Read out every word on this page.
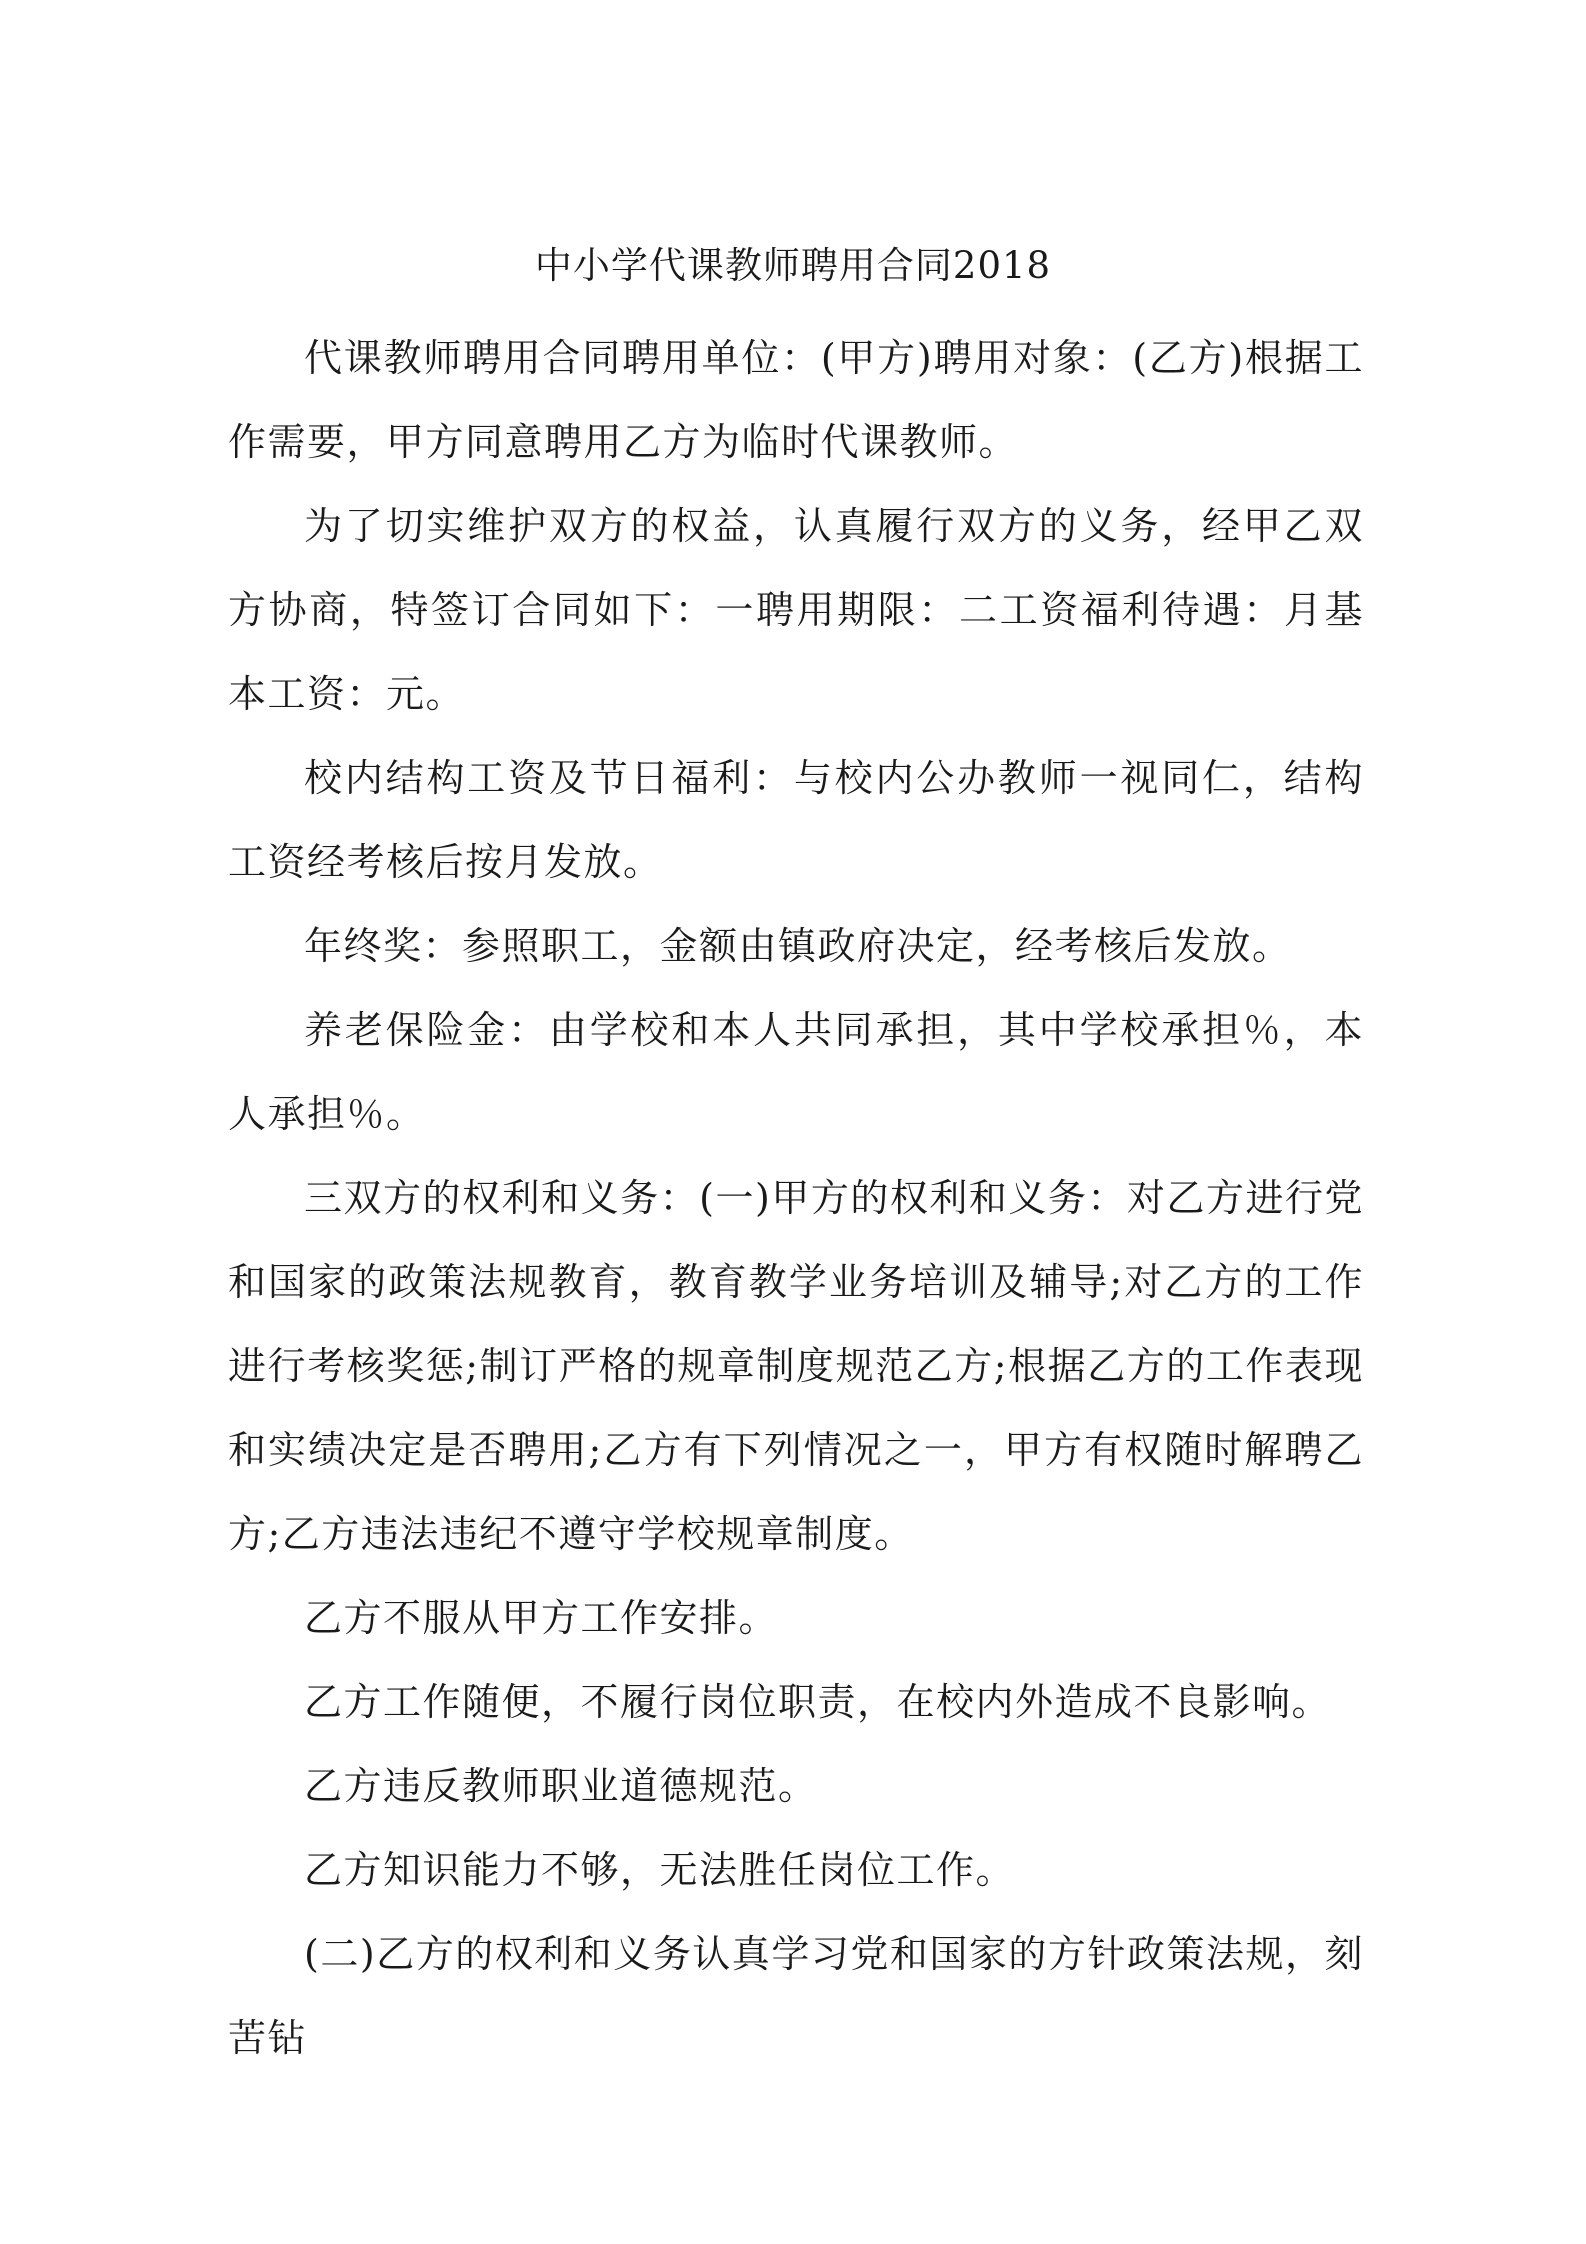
中小学代课教师聘用合同2018

代课教师聘用合同聘用单位：(甲方)聘用对象：(乙方)根据工作需要，甲方同意聘用乙方为临时代课教师。

为了切实维护双方的权益，认真履行双方的义务，经甲乙双方协商，特签订合同如下：一聘用期限：二工资福利待遇：月基本工资：元。

校内结构工资及节日福利：与校内公办教师一视同仁，结构工资经考核后按月发放。

年终奖：参照职工，金额由镇政府决定，经考核后发放。

养老保险金：由学校和本人共同承担，其中学校承担％，本人承担％。

三双方的权利和义务：(一)甲方的权利和义务：对乙方进行党和国家的政策法规教育，教育教学业务培训及辅导;对乙方的工作进行考核奖惩;制订严格的规章制度规范乙方;根据乙方的工作表现和实绩决定是否聘用;乙方有下列情况之一，甲方有权随时解聘乙方;乙方违法违纪不遵守学校规章制度。

乙方不服从甲方工作安排。

乙方工作随便，不履行岗位职责，在校内外造成不良影响。

乙方违反教师职业道德规范。

乙方知识能力不够，无法胜任岗位工作。

(二)乙方的权利和义务认真学习党和国家的方针政策法规，刻苦钻
